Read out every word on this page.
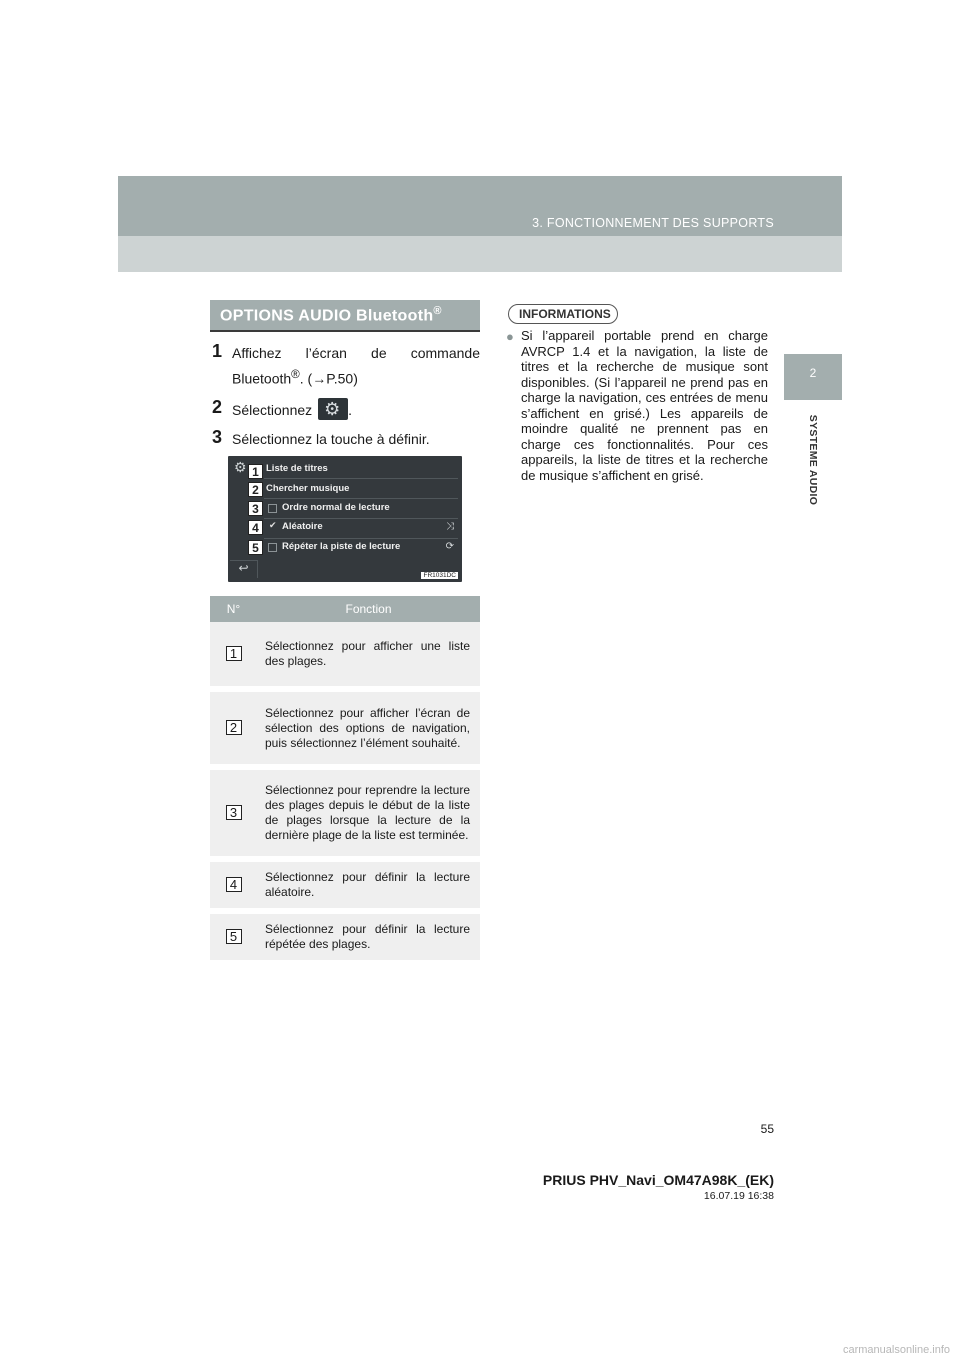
3. FONCTIONNEMENT DES SUPPORTS
2
SYSTEME AUDIO
OPTIONS AUDIO Bluetooth®
1 Affichez l’écran de commande
Bluetooth®. (→P.50)
2 Sélectionnez ⚙ .
3 Sélectionnez la touche à définir.
⚙ 1 Liste de titres
2 Chercher musique
3	Ordre normal de lecture
4	✔ Aléatoire	⤨
5	Répéter la piste de lecture	⟳
↩
FR1031DC
N°	Fonction
1	Sélectionnez pour afficher une liste des plages.
2	Sélectionnez pour afficher l’écran de sélection des options de navigation, puis sélectionnez l’élément souhaité.
3	Sélectionnez pour reprendre la lecture des plages depuis le début de la liste de plages lorsque la lecture de la dernière plage de la liste est terminée.
4	Sélectionnez pour définir la lecture aléatoire.
5	Sélectionnez pour définir la lecture répétée des plages.
INFORMATIONS
● Si l’appareil portable prend en charge AVRCP 1.4 et la navigation, la liste de titres et la recherche de musique sont disponibles. (Si l’appareil ne prend pas en charge la navigation, ces entrées de menu s’affichent en grisé.) Les appareils de moindre qualité ne prennent pas en charge ces fonctionnalités. Pour ces appareils, la liste de titres et la recherche de musique s’affichent en grisé.

55
PRIUS PHV_Navi_OM47A98K_(EK)
16.07.19 16:38
carmanualsonline.info
